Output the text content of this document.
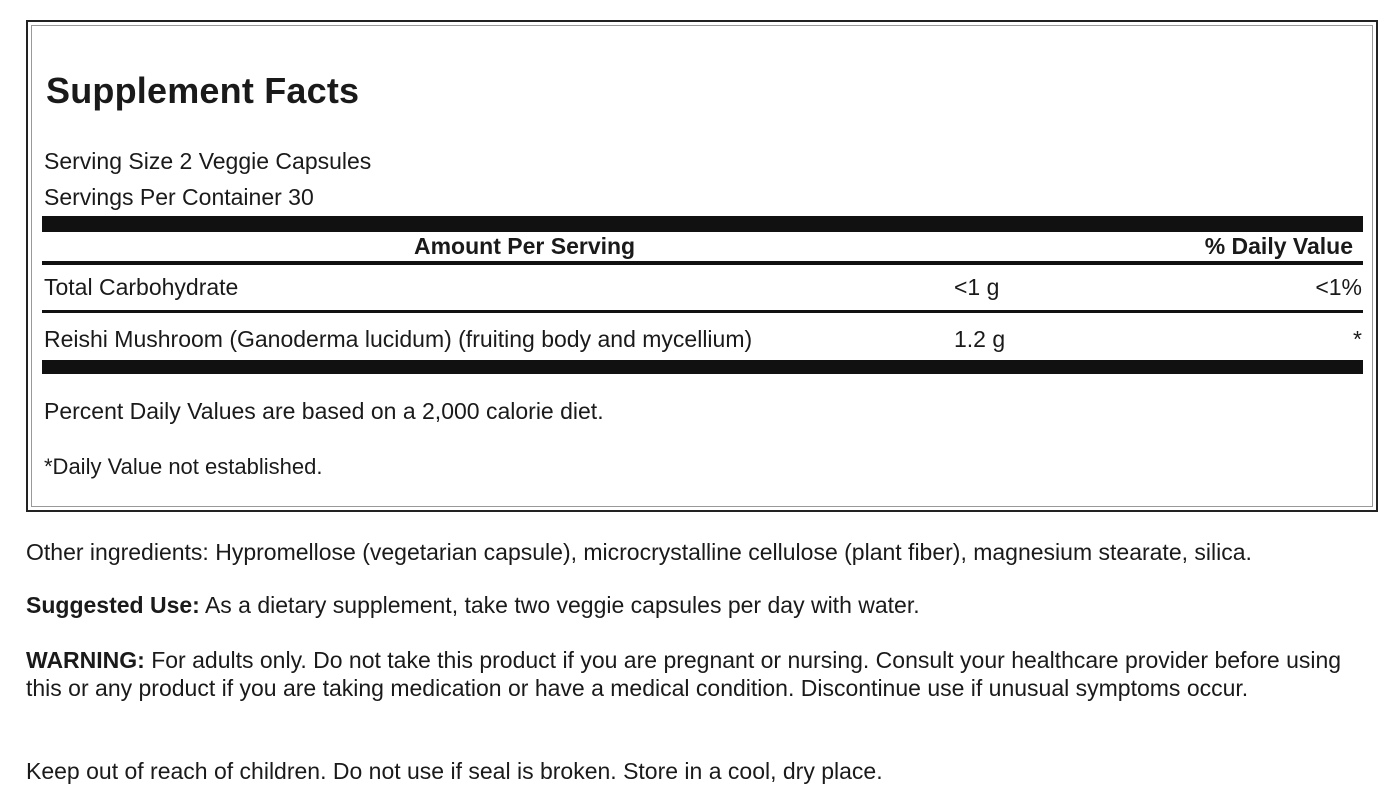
Supplement Facts
Serving Size 2 Veggie Capsules
Servings Per Container 30
Amount Per Serving	% Daily Value
Total Carbohydrate	<1 g	<1%
Reishi Mushroom (Ganoderma lucidum) (fruiting body and mycellium)	1.2 g	*
Percent Daily Values are based on a 2,000 calorie diet.
*Daily Value not established.
Other ingredients: Hypromellose (vegetarian capsule), microcrystalline cellulose (plant fiber), magnesium stearate, silica.
Suggested Use: As a dietary supplement, take two veggie capsules per day with water.
WARNING: For adults only. Do not take this product if you are pregnant or nursing. Consult your healthcare provider before using this or any product if you are taking medication or have a medical condition. Discontinue use if unusual symptoms occur.
Keep out of reach of children. Do not use if seal is broken. Store in a cool, dry place.
